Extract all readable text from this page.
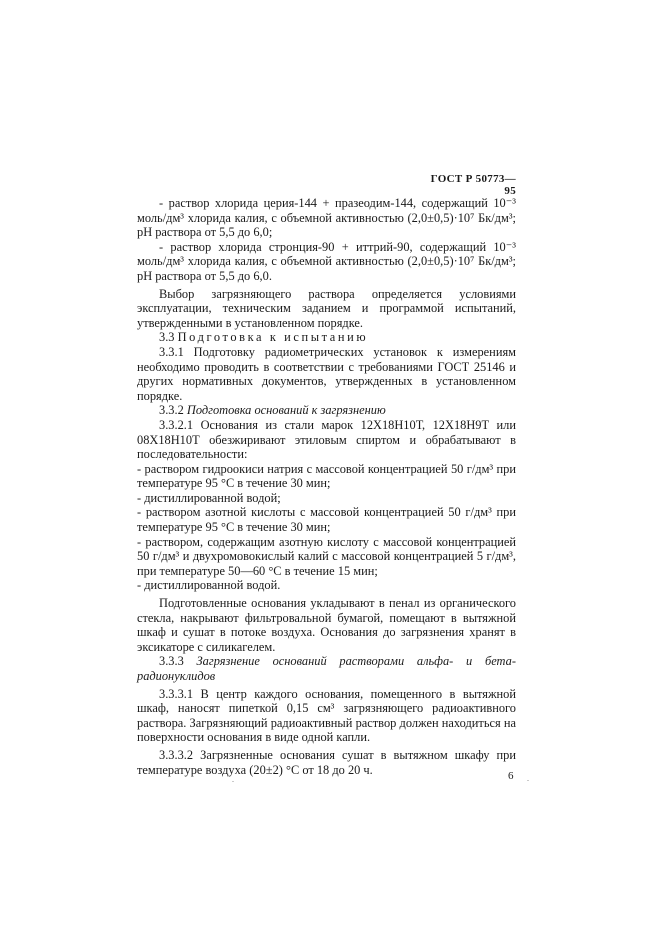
ГОСТ Р 50773—95

- раствор хлорида церия-144 + празеодим-144, содержащий 10⁻³ моль/дм³ хлорида калия, с объемной активностью (2,0±0,5)·10⁷ Бк/дм³; pH раствора от 5,5 до 6,0;

- раствор хлорида стронция-90 + иттрий-90, содержащий 10⁻³ моль/дм³ хлорида калия, с объемной активностью (2,0±0,5)·10⁷ Бк/дм³; pH раствора от 5,5 до 6,0.

Выбор загрязняющего раствора определяется условиями эксплуатации, техническим заданием и программой испытаний, утвержденными в установленном порядке.

3.3 Подготовка к испытанию

3.3.1 Подготовку радиометрических установок к измерениям необходимо проводить в соответствии с требованиями ГОСТ 25146 и других нормативных документов, утвержденных в установленном порядке.

3.3.2 Подготовка оснований к загрязнению

3.3.2.1 Основания из стали марок 12Х18Н10Т, 12Х18Н9Т или 08Х18Н10Т обезжиривают этиловым спиртом и обрабатывают в последовательности:

- раствором гидроокиси натрия с массовой концентрацией 50 г/дм³ при температуре 95 °С в течение 30 мин;

- дистиллированной водой;

- раствором азотной кислоты с массовой концентрацией 50 г/дм³ при температуре 95 °С в течение 30 мин;

- раствором, содержащим азотную кислоту с массовой концентрацией 50 г/дм³ и двухромовокислый калий с массовой концентрацией 5 г/дм³, при температуре 50—60 °С в течение 15 мин;

- дистиллированной водой.

Подготовленные основания укладывают в пенал из органического стекла, накрывают фильтровальной бумагой, помещают в вытяжной шкаф и сушат в потоке воздуха. Основания до загрязнения хранят в эксикаторе с силикагелем.

3.3.3 Загрязнение оснований растворами альфа- и бета-радионуклидов

3.3.3.1 В центр каждого основания, помещенного в вытяжной шкаф, наносят пипеткой 0,15 см³ загрязняющего радиоактивного раствора. Загрязняющий радиоактивный раствор должен находиться на поверхности основания в виде одной капли.

3.3.3.2 Загрязненные основания сушат в вытяжном шкафу при температуре воздуха (20±2) °С от 18 до 20 ч.	6 .
.
